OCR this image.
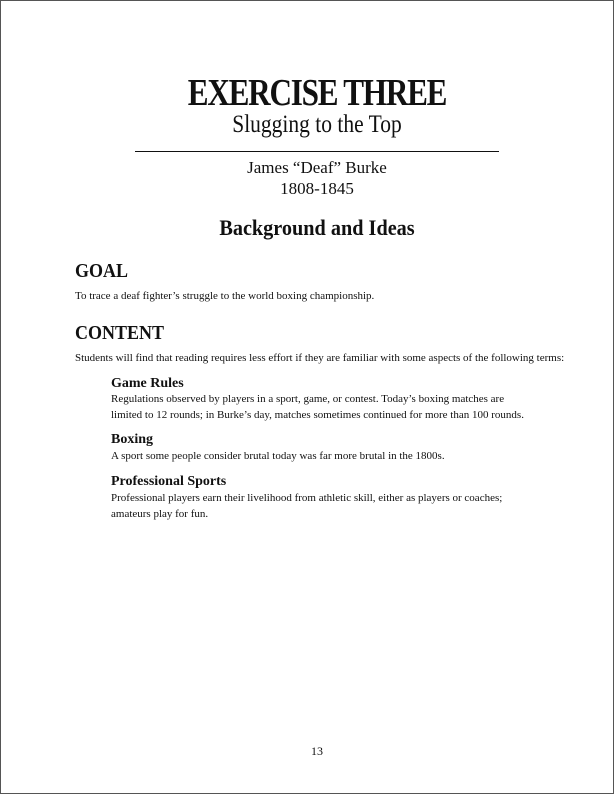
EXERCISE THREE
Slugging to the Top
James “Deaf” Burke
1808-1845
Background and Ideas
GOAL
To trace a deaf fighter’s struggle to the world boxing championship.
CONTENT
Students will find that reading requires less effort if they are familiar with some aspects of the following terms:
Game Rules
Regulations observed by players in a sport, game, or contest. Today’s boxing matches are
limited to 12 rounds; in Burke’s day, matches sometimes continued for more than 100 rounds.
Boxing
A sport some people consider brutal today was far more brutal in the 1800s.
Professional Sports
Professional players earn their livelihood from athletic skill, either as players or coaches;
amateurs play for fun.
13
